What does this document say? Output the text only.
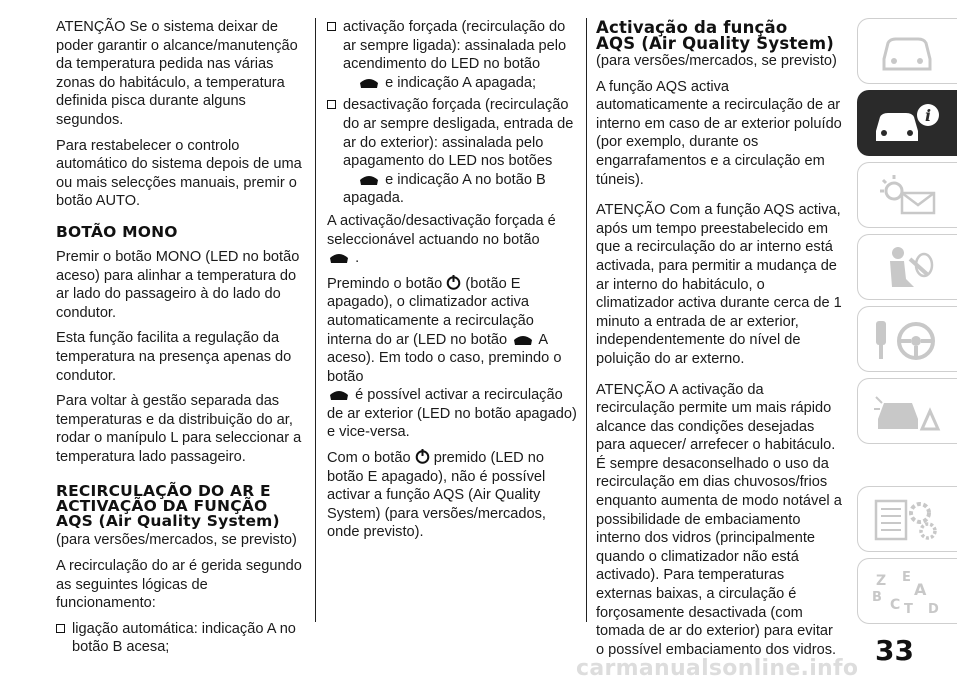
ATENÇÃO Se o sistema deixar de poder garantir o alcance/manutenção da temperatura pedida nas várias zonas do habitáculo, a temperatura definida pisca durante alguns segundos.

Para restabelecer o controlo automático do sistema depois de uma ou mais selecções manuais, premir o botão AUTO.

BOTÃO MONO

Premir o botão MONO (LED no botão aceso) para alinhar a temperatura do ar lado do passageiro à do lado do condutor.

Esta função facilita a regulação da temperatura na presença apenas do condutor.

Para voltar à gestão separada das temperaturas e da distribuição do ar, rodar o manípulo L para seleccionar a temperatura lado passageiro.

RECIRCULAÇÃO DO AR E
ACTIVAÇÃO DA FUNÇÃO
AQS (Air Quality System)

(para versões/mercados, se previsto)

A recirculação do ar é gerida segundo as seguintes lógicas de funcionamento:

ligação automática: indicação A no botão B acesa;
activação forçada (recirculação do ar sempre ligada): assinalada pelo acendimento do LED no botão
e indicação A apagada;
desactivação forçada (recirculação do ar sempre desligada, entrada de ar do exterior): assinalada pelo apagamento do LED nos botões
e indicação A no botão B apagada.

A activação/desactivação forçada é seleccionável actuando no botão
.

Premindo o botão (botão E apagado), o climatizador activa automaticamente a recirculação interna do ar (LED no botão A aceso). Em todo o caso, premindo o botão
é possível activar a recirculação de ar exterior (LED no botão apagado) e vice-versa.

Com o botão premido (LED no botão E apagado), não é possível activar a função AQS (Air Quality System) (para versões/mercados, onde previsto).

Activação da função
AQS (Air Quality System)

(para versões/mercados, se previsto)

A função AQS activa automaticamente a recirculação de ar interno em caso de ar exterior poluído (por exemplo, durante os engarrafamentos e a circulação em túneis).

ATENÇÃO Com a função AQS activa, após um tempo preestabelecido em que a recirculação do ar interno está activada, para permitir a mudança de ar interno do habitáculo, o climatizador activa durante cerca de 1 minuto a entrada de ar exterior, independentemente do nível de poluição do ar externo.

ATENÇÃO A activação da recirculação permite um mais rápido alcance das condições desejadas para aquecer/ arrefecer o habitáculo. É sempre desaconselhado o uso da recirculação em dias chuvosos/frios enquanto aumenta de modo notável a possibilidade de embaciamento interno dos vidros (principalmente quando o climatizador não está activado). Para temperaturas externas baixas, a circulação é forçosamente desactivada (com tomada de ar do exterior) para evitar o possível embaciamento dos vidros.

i
Z E
A
B C T D
33
carmanualsonline.info
